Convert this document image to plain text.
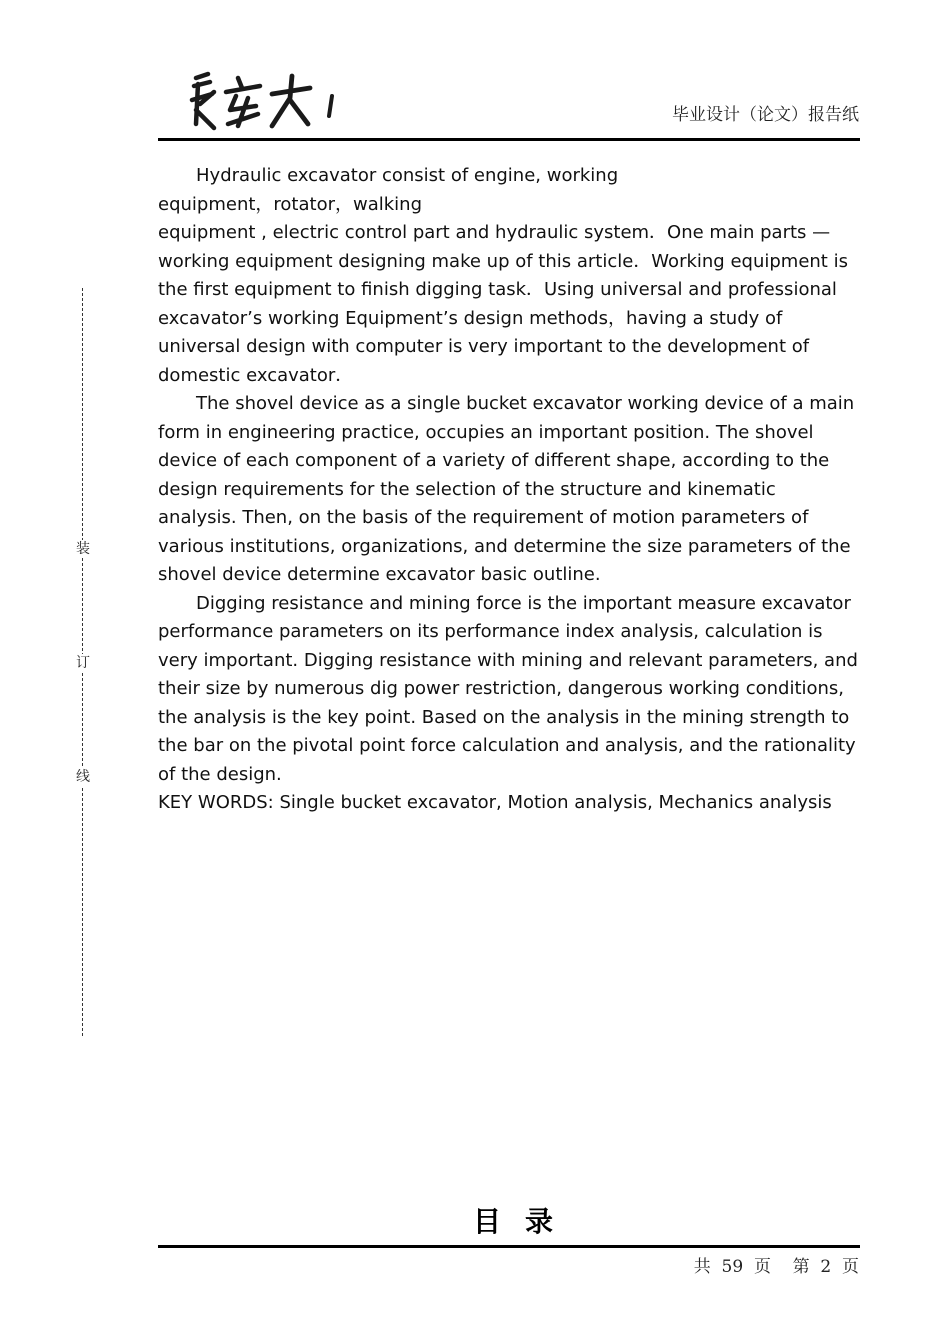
毕业设计（论文）报告纸

Hydraulic excavator consist of engine, working

equipment，rotator，walking

equipment , electric control part and hydraulic system．One main parts —working equipment designing make up of this article．Working equipment is the first equipment to finish digging task．Using universal and professional excavator’s working Equipment’s design methods，having a study of universal design with computer is very important to the development of domestic excavator．

The shovel device as a single bucket excavator working device of a main form in engineering practice, occupies an important position. The shovel device of each component of a variety of different shape, according to the design requirements for the selection of the structure and kinematic analysis. Then, on the basis of the requirement of motion parameters of various institutions, organizations, and determine the size parameters of the shovel device determine excavator basic outline.

Digging resistance and mining force is the important measure excavator performance parameters on its performance index analysis, calculation is very important. Digging resistance with mining and relevant parameters, and their size by numerous dig power restriction, dangerous working conditions, the analysis is the key point. Based on the analysis in the mining strength to the bar on the pivotal point force calculation and analysis, and the rationality of the design.

KEY WORDS: Single bucket excavator, Motion analysis, Mechanics analysis

装
订
线
目录
共  59  页    第  2  页
